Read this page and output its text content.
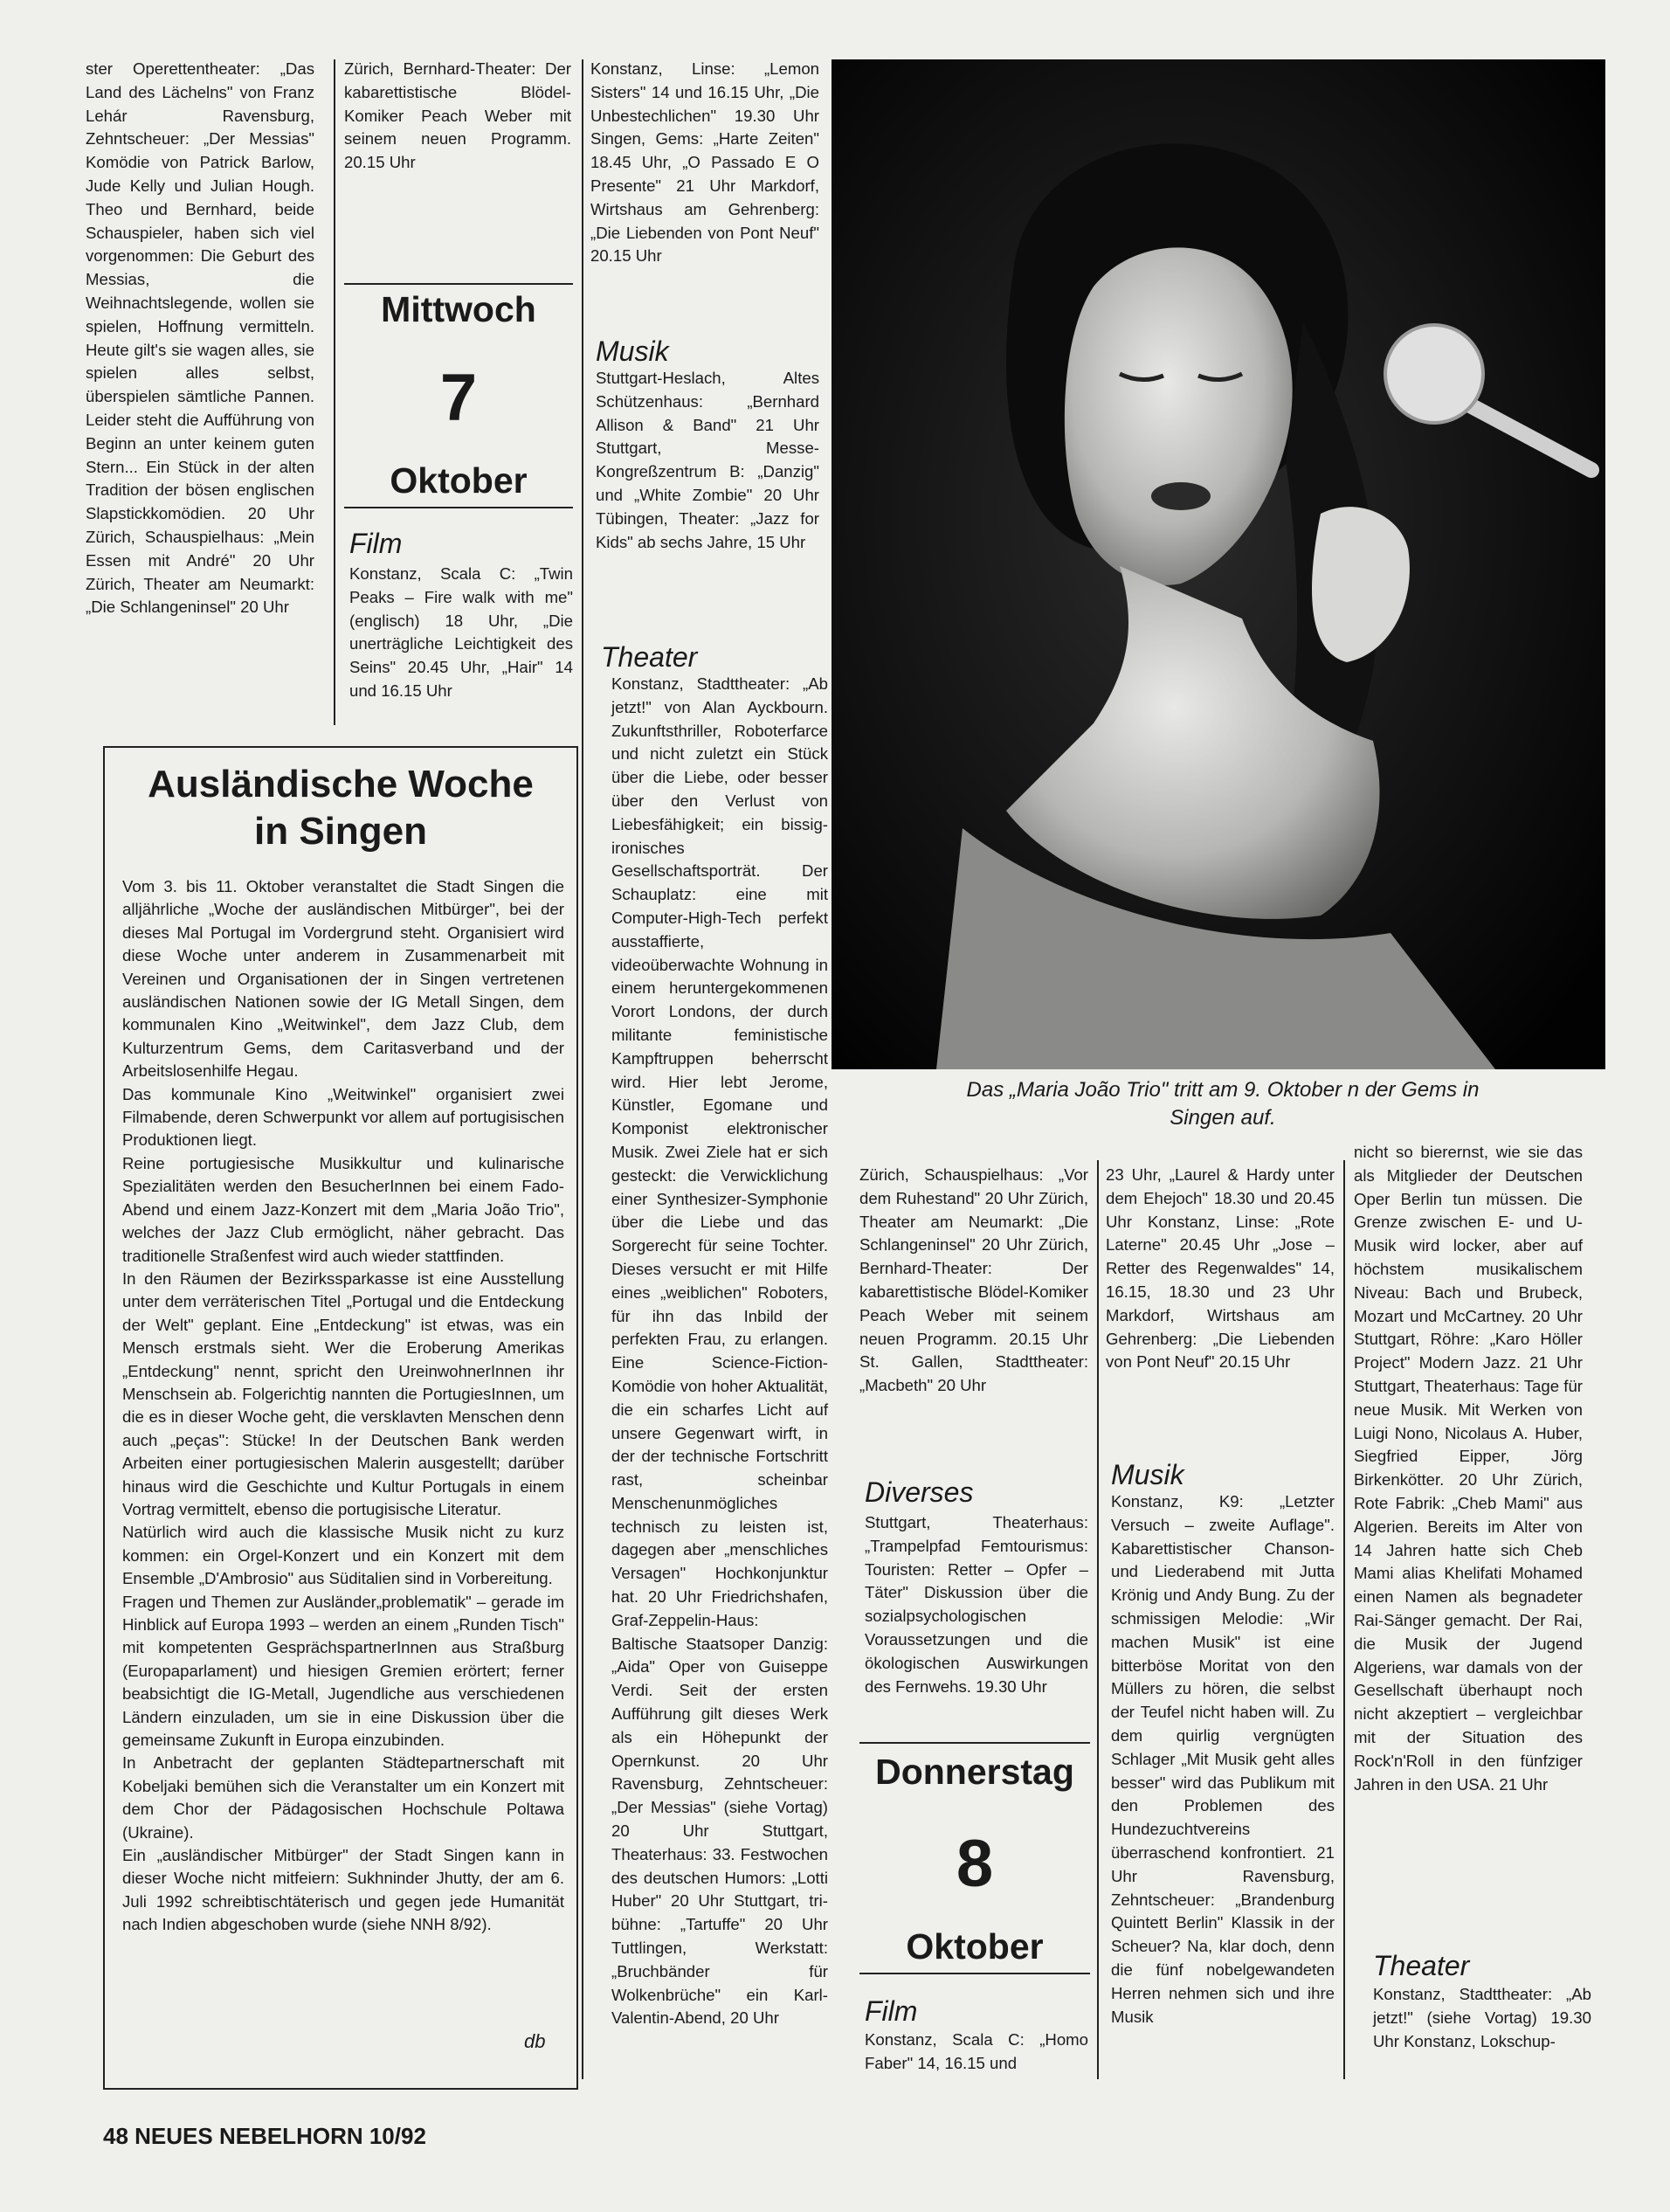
ster Operettentheater: „Das Land des Lächelns" von Franz Lehár Ravensburg, Zehntscheuer: „Der Messias" Komödie von Patrick Barlow, Jude Kelly und Julian Hough. Theo und Bernhard, beide Schauspieler, haben sich viel vorgenommen: Die Geburt des Messias, die Weihnachtslegende, wollen sie spielen, Hoffnung vermitteln. Heute gilt's sie wagen alles, sie spielen alles selbst, überspielen sämtliche Pannen. Leider steht die Aufführung von Beginn an unter keinem guten Stern... Ein Stück in der alten Tradition der bösen englischen Slapstickkomödien. 20 Uhr Zürich, Schauspielhaus: „Mein Essen mit André" 20 Uhr Zürich, Theater am Neumarkt: „Die Schlangeninsel" 20 Uhr
Zürich, Bernhard-Theater: Der kabarettistische Blödel-Komiker Peach Weber mit seinem neuen Programm. 20.15 Uhr
Mittwoch
7
Oktober
Film
Konstanz, Scala C: „Twin Peaks – Fire walk with me" (englisch) 18 Uhr, „Die unerträgliche Leichtigkeit des Seins" 20.45 Uhr, „Hair" 14 und 16.15 Uhr
Konstanz, Linse: „Lemon Sisters" 14 und 16.15 Uhr, „Die Unbestechlichen" 19.30 Uhr Singen, Gems: „Harte Zeiten" 18.45 Uhr, „O Passado E O Presente" 21 Uhr Markdorf, Wirtshaus am Gehrenberg: „Die Liebenden von Pont Neuf" 20.15 Uhr
Musik
Stuttgart-Heslach, Altes Schützenhaus: „Bernhard Allison & Band" 21 Uhr Stuttgart, Messe-Kongreßzentrum B: „Danzig" und „White Zombie" 20 Uhr Tübingen, Theater: „Jazz for Kids" ab sechs Jahre, 15 Uhr
Theater
Konstanz, Stadttheater: „Ab jetzt!" von Alan Ayckbourn. Zukunftsthriller, Roboterfarce und nicht zuletzt ein Stück über die Liebe, oder besser über den Verlust von Liebesfähigkeit; ein bissig-ironisches Gesellschaftsporträt. Der Schauplatz: eine mit Computer-High-Tech perfekt ausstaffierte, videoüberwachte Wohnung in einem heruntergekommenen Vorort Londons, der durch militante feministische Kampftruppen beherrscht wird. Hier lebt Jerome, Künstler, Egomane und Komponist elektronischer Musik. Zwei Ziele hat er sich gesteckt: die Verwicklichung einer Synthesizer-Symphonie über die Liebe und das Sorgerecht für seine Tochter. Dieses versucht er mit Hilfe eines „weiblichen" Roboters, für ihn das Inbild der perfekten Frau, zu erlangen. Eine Science-Fiction-Komödie von hoher Aktualität, die ein scharfes Licht auf unsere Gegenwart wirft, in der der technische Fortschritt rast, scheinbar Menschenunmögliches technisch zu leisten ist, dagegen aber „menschliches Versagen" Hochkonjunktur hat. 20 Uhr Friedrichshafen, Graf-Zeppelin-Haus: Baltische Staatsoper Danzig: „Aida" Oper von Guiseppe Verdi. Seit der ersten Aufführung gilt dieses Werk als ein Höhepunkt der Opernkunst. 20 Uhr Ravensburg, Zehntscheuer: „Der Messias" (siehe Vortag) 20 Uhr Stuttgart, Theaterhaus: 33. Festwochen des deutschen Humors: „Lotti Huber" 20 Uhr Stuttgart, tri-bühne: „Tartuffe" 20 Uhr Tuttlingen, Werkstatt: „Bruchbänder für Wolkenbrüche" ein Karl-Valentin-Abend, 20 Uhr
Ausländische Woche
in Singen

Vom 3. bis 11. Oktober veranstaltet die Stadt Singen die alljährliche „Woche der ausländischen Mitbürger", bei der dieses Mal Portugal im Vordergrund steht. Organisiert wird diese Woche unter anderem in Zusammenarbeit mit Vereinen und Organisationen der in Singen vertretenen ausländischen Nationen sowie der IG Metall Singen, dem kommunalen Kino „Weitwinkel", dem Jazz Club, dem Kulturzentrum Gems, dem Caritasverband und der Arbeitslosenhilfe Hegau.

Das kommunale Kino „Weitwinkel" organisiert zwei Filmabende, deren Schwerpunkt vor allem auf portugisischen Produktionen liegt.

Reine portugiesische Musikkultur und kulinarische Spezialitäten werden den BesucherInnen bei einem Fado-Abend und einem Jazz-Konzert mit dem „Maria João Trio", welches der Jazz Club ermöglicht, näher gebracht. Das traditionelle Straßenfest wird auch wieder stattfinden.

In den Räumen der Bezirkssparkasse ist eine Ausstellung unter dem verräterischen Titel „Portugal und die Entdeckung der Welt" geplant. Eine „Entdeckung" ist etwas, was ein Mensch erstmals sieht. Wer die Eroberung Amerikas „Entdeckung" nennt, spricht den UreinwohnerInnen ihr Menschsein ab. Folgerichtig nannten die PortugiesInnen, um die es in dieser Woche geht, die versklavten Menschen denn auch „peças": Stücke! In der Deutschen Bank werden Arbeiten einer portugiesischen Malerin ausgestellt; darüber hinaus wird die Geschichte und Kultur Portugals in einem Vortrag vermittelt, ebenso die portugisische Literatur.

Natürlich wird auch die klassische Musik nicht zu kurz kommen: ein Orgel-Konzert und ein Konzert mit dem Ensemble „D'Ambrosio" aus Süditalien sind in Vorbereitung.

Fragen und Themen zur Ausländer„problematik" – gerade im Hinblick auf Europa 1993 – werden an einem „Runden Tisch" mit kompetenten GesprächspartnerInnen aus Straßburg (Europaparlament) und hiesigen Gremien erörtert; ferner beabsichtigt die IG-Metall, Jugendliche aus verschiedenen Ländern einzuladen, um sie in eine Diskussion über die gemeinsame Zukunft in Europa einzubinden.

In Anbetracht der geplanten Städtepartnerschaft mit Kobeljaki bemühen sich die Veranstalter um ein Konzert mit dem Chor der Pädagosischen Hochschule Poltawa (Ukraine).

Ein „ausländischer Mitbürger" der Stadt Singen kann in dieser Woche nicht mitfeiern: Sukhninder Jhutty, der am 6. Juli 1992 schreibtischtäterisch und gegen jede Humanität nach Indien abgeschoben wurde (siehe NNH 8/92).

db
Das „Maria João Trio" tritt am 9. Oktober n der Gems in Singen auf.
Zürich, Schauspielhaus: „Vor dem Ruhestand" 20 Uhr Zürich, Theater am Neumarkt: „Die Schlangeninsel" 20 Uhr Zürich, Bernhard-Theater: Der kabarettistische Blödel-Komiker Peach Weber mit seinem neuen Programm. 20.15 Uhr St. Gallen, Stadttheater: „Macbeth" 20 Uhr
Diverses
Stuttgart, Theaterhaus: „Trampelpfad Femtourismus: Touristen: Retter – Opfer – Täter" Diskussion über die sozialpsychologischen Voraussetzungen und die ökologischen Auswirkungen des Fernwehs. 19.30 Uhr
Donnerstag
8
Oktober
Film
Konstanz, Scala C: „Homo Faber" 14, 16.15 und
23 Uhr, „Laurel & Hardy unter dem Ehejoch" 18.30 und 20.45 Uhr Konstanz, Linse: „Rote Laterne" 20.45 Uhr „Jose – Retter des Regenwaldes" 14, 16.15, 18.30 und 23 Uhr Markdorf, Wirtshaus am Gehrenberg: „Die Liebenden von Pont Neuf" 20.15 Uhr
Musik
Konstanz, K9: „Letzter Versuch – zweite Auflage". Kabarettistischer Chanson- und Liederabend mit Jutta Krönig und Andy Bung. Zu der schmissigen Melodie: „Wir machen Musik" ist eine bitterböse Moritat von den Müllers zu hören, die selbst der Teufel nicht haben will. Zu dem quirlig vergnügten Schlager „Mit Musik geht alles besser" wird das Publikum mit den Problemen des Hundezuchtvereins überraschend konfrontiert. 21 Uhr Ravensburg, Zehntscheuer: „Brandenburg Quintett Berlin" Klassik in der Scheuer? Na, klar doch, denn die fünf nobelgewandeten Herren nehmen sich und ihre Musik
nicht so bierernst, wie sie das als Mitglieder der Deutschen Oper Berlin tun müssen. Die Grenze zwischen E- und U-Musik wird locker, aber auf höchstem musikalischem Niveau: Bach und Brubeck, Mozart und McCartney. 20 Uhr Stuttgart, Röhre: „Karo Höller Project" Modern Jazz. 21 Uhr Stuttgart, Theaterhaus: Tage für neue Musik. Mit Werken von Luigi Nono, Nicolaus A. Huber, Siegfried Eipper, Jörg Birkenkötter. 20 Uhr Zürich, Rote Fabrik: „Cheb Mami" aus Algerien. Bereits im Alter von 14 Jahren hatte sich Cheb Mami alias Khelifati Mohamed einen Namen als begnadeter Rai-Sänger gemacht. Der Rai, die Musik der Jugend Algeriens, war damals von der Gesellschaft überhaupt noch nicht akzeptiert – vergleichbar mit der Situation des Rock'n'Roll in den fünfziger Jahren in den USA. 21 Uhr
Theater
Konstanz, Stadttheater: „Ab jetzt!" (siehe Vortag) 19.30 Uhr Konstanz, Lokschup-
48 NEUES NEBELHORN 10/92
